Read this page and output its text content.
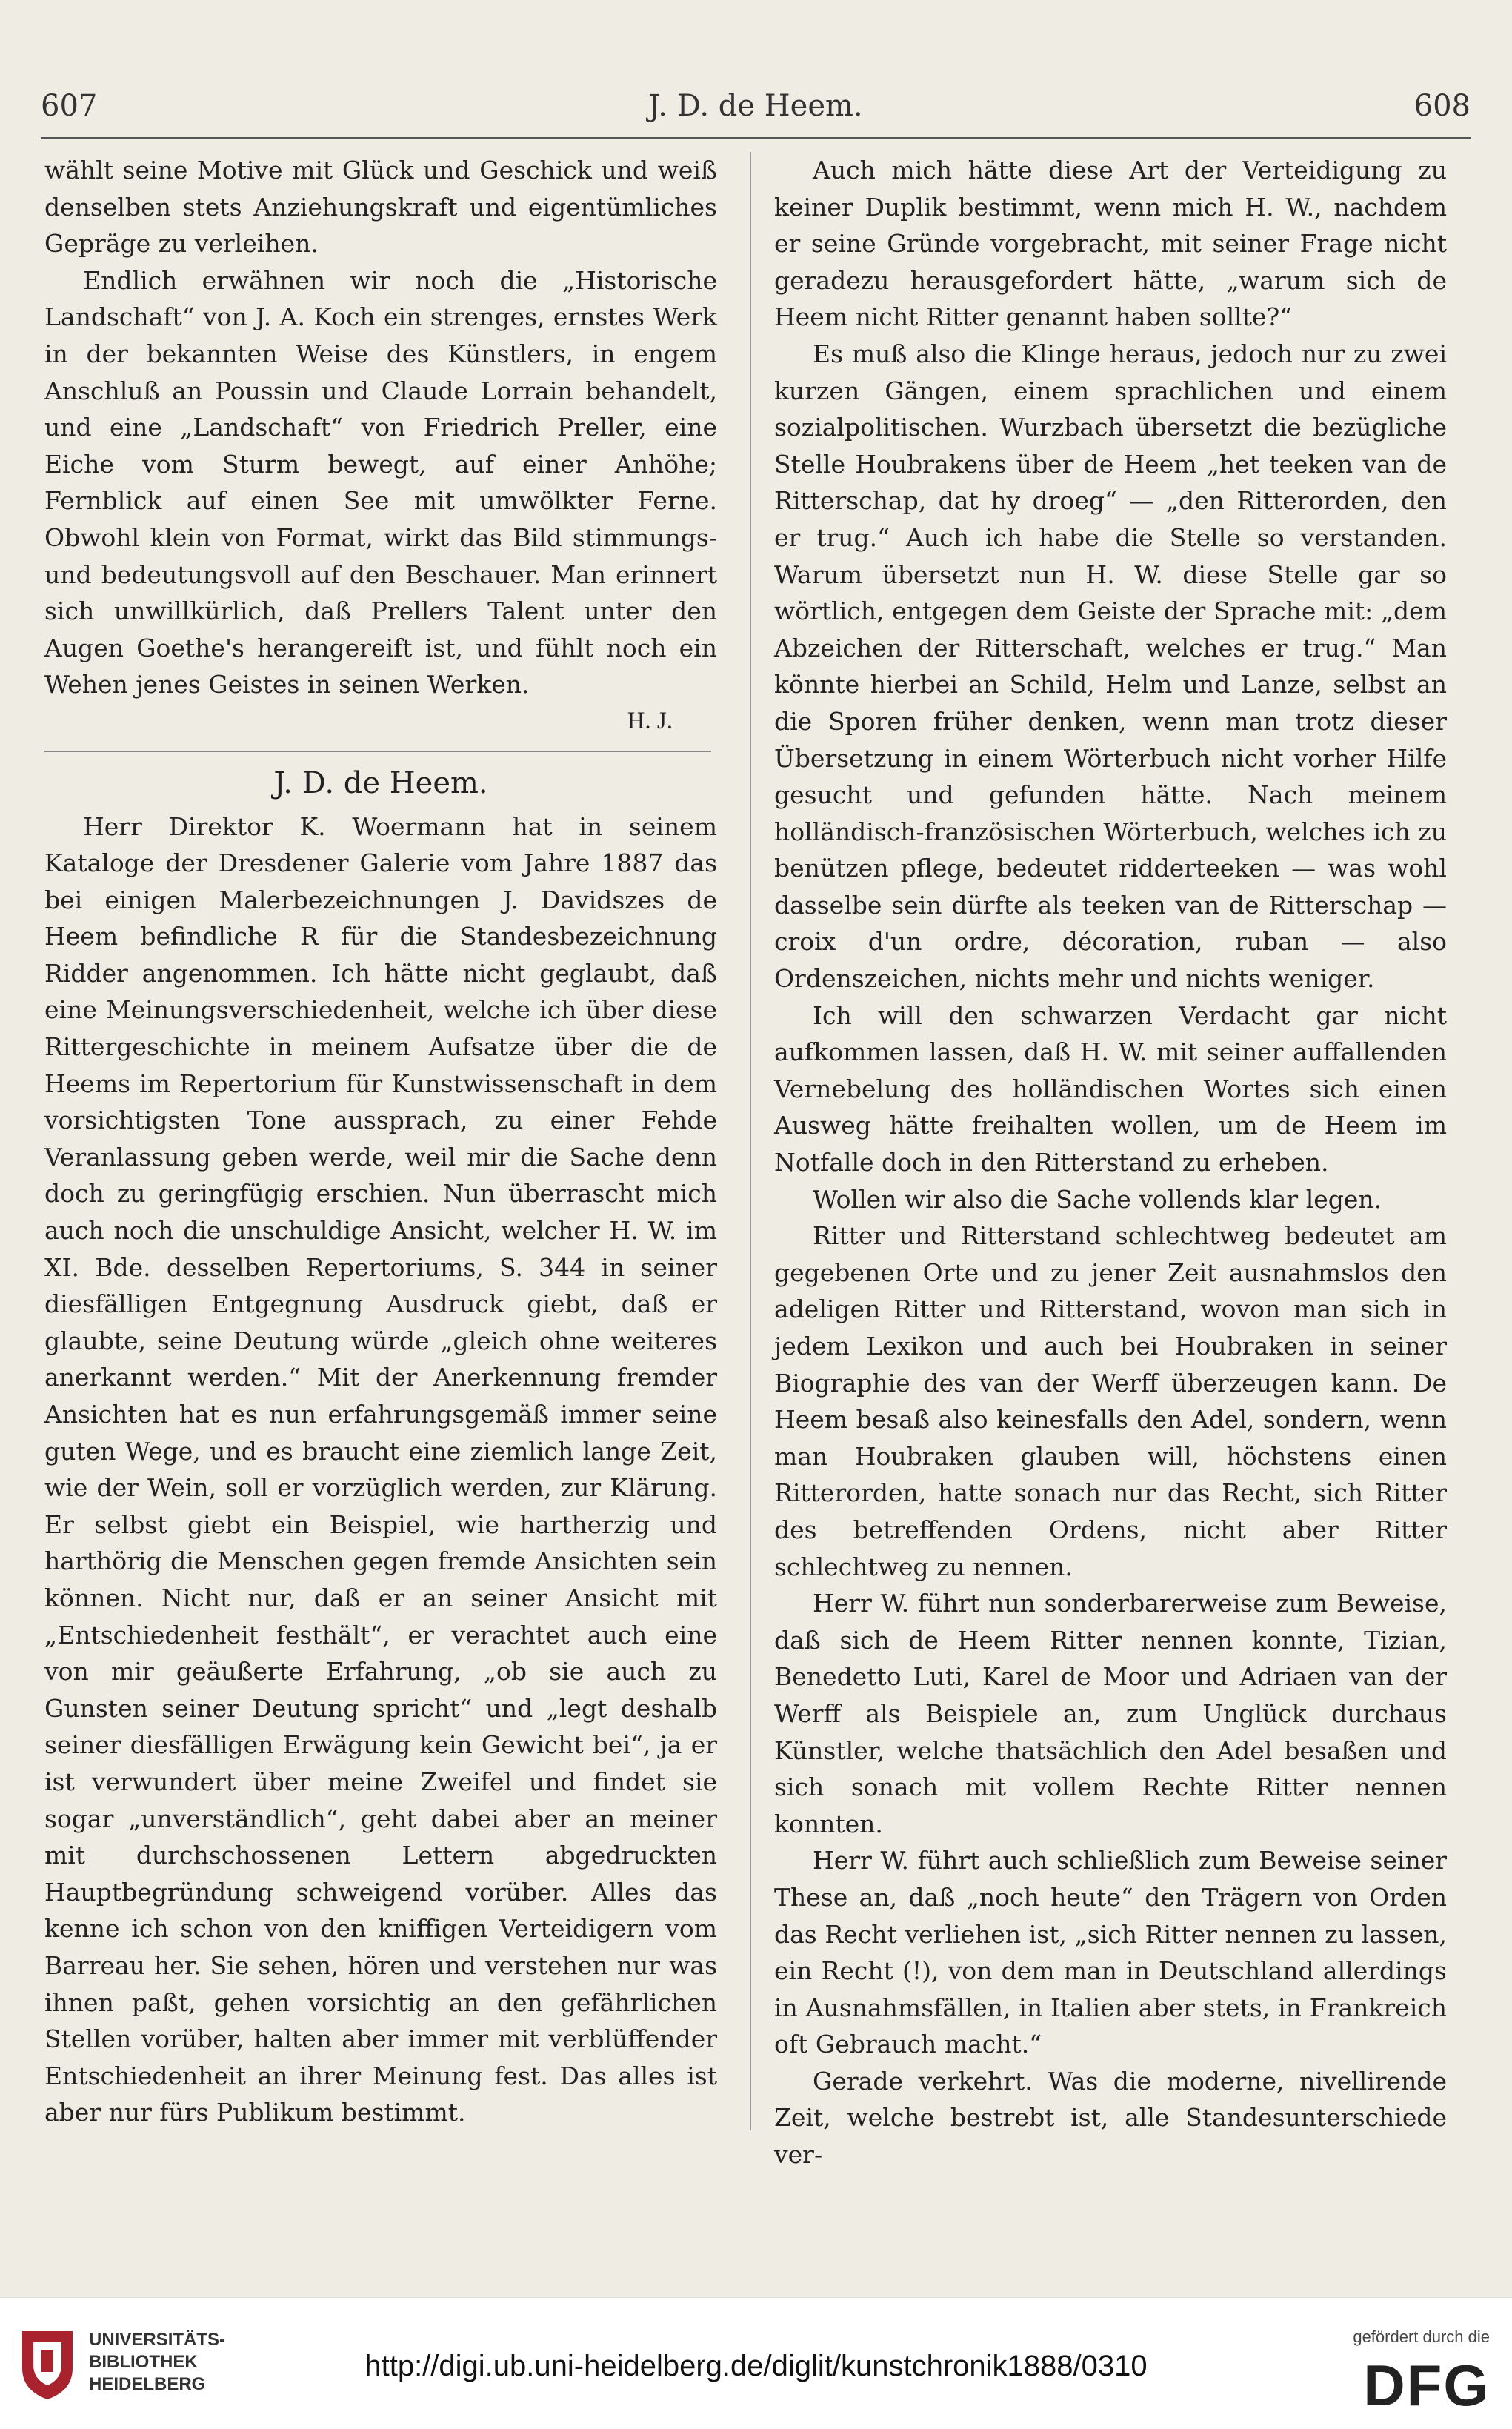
607	J. D. de Heem.	608

wählt seine Motive mit Glück und Geschick und weiß denselben stets Anziehungskraft und eigentümliches Gepräge zu verleihen.

Endlich erwähnen wir noch die „Historische Landschaft“ von J. A. Koch ein strenges, ernstes Werk in der bekannten Weise des Künstlers, in engem Anschluß an Poussin und Claude Lorrain behandelt, und eine „Landschaft“ von Friedrich Preller, eine Eiche vom Sturm bewegt, auf einer Anhöhe; Fernblick auf einen See mit umwölkter Ferne. Obwohl klein von Format, wirkt das Bild stimmungs- und bedeutungsvoll auf den Beschauer. Man erinnert sich unwillkürlich, daß Prellers Talent unter den Augen Goethe's herangereift ist, und fühlt noch ein Wehen jenes Geistes in seinen Werken.

H. J.
J. D. de Heem.

Herr Direktor K. Woermann hat in seinem Kataloge der Dresdener Galerie vom Jahre 1887 das bei einigen Malerbezeichnungen J. Davidszes de Heem befindliche R für die Standesbezeichnung Ridder angenommen. Ich hätte nicht geglaubt, daß eine Meinungsverschiedenheit, welche ich über diese Rittergeschichte in meinem Aufsatze über die de Heems im Repertorium für Kunstwissenschaft in dem vorsichtigsten Tone aussprach, zu einer Fehde Veranlassung geben werde, weil mir die Sache denn doch zu geringfügig erschien. Nun überrascht mich auch noch die unschuldige Ansicht, welcher H. W. im XI. Bde. desselben Repertoriums, S. 344 in seiner diesfälligen Entgegnung Ausdruck giebt, daß er glaubte, seine Deutung würde „gleich ohne weiteres anerkannt werden.“ Mit der Anerkennung fremder Ansichten hat es nun erfahrungsgemäß immer seine guten Wege, und es braucht eine ziemlich lange Zeit, wie der Wein, soll er vorzüglich werden, zur Klärung. Er selbst giebt ein Beispiel, wie hartherzig und harthörig die Menschen gegen fremde Ansichten sein können. Nicht nur, daß er an seiner Ansicht mit „Entschiedenheit festhält“, er verachtet auch eine von mir geäußerte Erfahrung, „ob sie auch zu Gunsten seiner Deutung spricht“ und „legt deshalb seiner diesfälligen Erwägung kein Gewicht bei“, ja er ist verwundert über meine Zweifel und findet sie sogar „unverständlich“, geht dabei aber an meiner mit durchschossenen Lettern abgedruckten Hauptbegründung schweigend vorüber. Alles das kenne ich schon von den kniffigen Verteidigern vom Barreau her. Sie sehen, hören und verstehen nur was ihnen paßt, gehen vorsichtig an den gefährlichen Stellen vorüber, halten aber immer mit verblüffender Entschiedenheit an ihrer Meinung fest. Das alles ist aber nur fürs Publikum bestimmt.

Auch mich hätte diese Art der Verteidigung zu keiner Duplik bestimmt, wenn mich H. W., nachdem er seine Gründe vorgebracht, mit seiner Frage nicht geradezu herausgefordert hätte, „warum sich de Heem nicht Ritter genannt haben sollte?“

Es muß also die Klinge heraus, jedoch nur zu zwei kurzen Gängen, einem sprachlichen und einem sozialpolitischen. Wurzbach übersetzt die bezügliche Stelle Houbrakens über de Heem „het teeken van de Ritterschap, dat hy droeg“ — „den Ritterorden, den er trug.“ Auch ich habe die Stelle so verstanden. Warum übersetzt nun H. W. diese Stelle gar so wörtlich, entgegen dem Geiste der Sprache mit: „dem Abzeichen der Ritterschaft, welches er trug.“ Man könnte hierbei an Schild, Helm und Lanze, selbst an die Sporen früher denken, wenn man trotz dieser Übersetzung in einem Wörterbuch nicht vorher Hilfe gesucht und gefunden hätte. Nach meinem holländisch-französischen Wörterbuch, welches ich zu benützen pflege, bedeutet ridderteeken — was wohl dasselbe sein dürfte als teeken van de Ritterschap — croix d'un ordre, décoration, ruban — also Ordenszeichen, nichts mehr und nichts weniger.

Ich will den schwarzen Verdacht gar nicht aufkommen lassen, daß H. W. mit seiner auffallenden Vernebelung des holländischen Wortes sich einen Ausweg hätte freihalten wollen, um de Heem im Notfalle doch in den Ritterstand zu erheben.

Wollen wir also die Sache vollends klar legen.

Ritter und Ritterstand schlechtweg bedeutet am gegebenen Orte und zu jener Zeit ausnahmslos den adeligen Ritter und Ritterstand, wovon man sich in jedem Lexikon und auch bei Houbraken in seiner Biographie des van der Werff überzeugen kann. De Heem besaß also keinesfalls den Adel, sondern, wenn man Houbraken glauben will, höchstens einen Ritterorden, hatte sonach nur das Recht, sich Ritter des betreffenden Ordens, nicht aber Ritter schlechtweg zu nennen.

Herr W. führt nun sonderbarerweise zum Beweise, daß sich de Heem Ritter nennen konnte, Tizian, Benedetto Luti, Karel de Moor und Adriaen van der Werff als Beispiele an, zum Unglück durchaus Künstler, welche thatsächlich den Adel besaßen und sich sonach mit vollem Rechte Ritter nennen konnten.

Herr W. führt auch schließlich zum Beweise seiner These an, daß „noch heute“ den Trägern von Orden das Recht verliehen ist, „sich Ritter nennen zu lassen, ein Recht (!), von dem man in Deutschland allerdings in Ausnahmsfällen, in Italien aber stets, in Frankreich oft Gebrauch macht.“

Gerade verkehrt. Was die moderne, nivellirende Zeit, welche bestrebt ist, alle Standesunterschiede ver-

UNIVERSITÄTS-
BIBLIOTHEK
HEIDELBERG
http://digi.ub.uni-heidelberg.de/diglit/kunstchronik1888/0310
gefördert durch die
DFG
